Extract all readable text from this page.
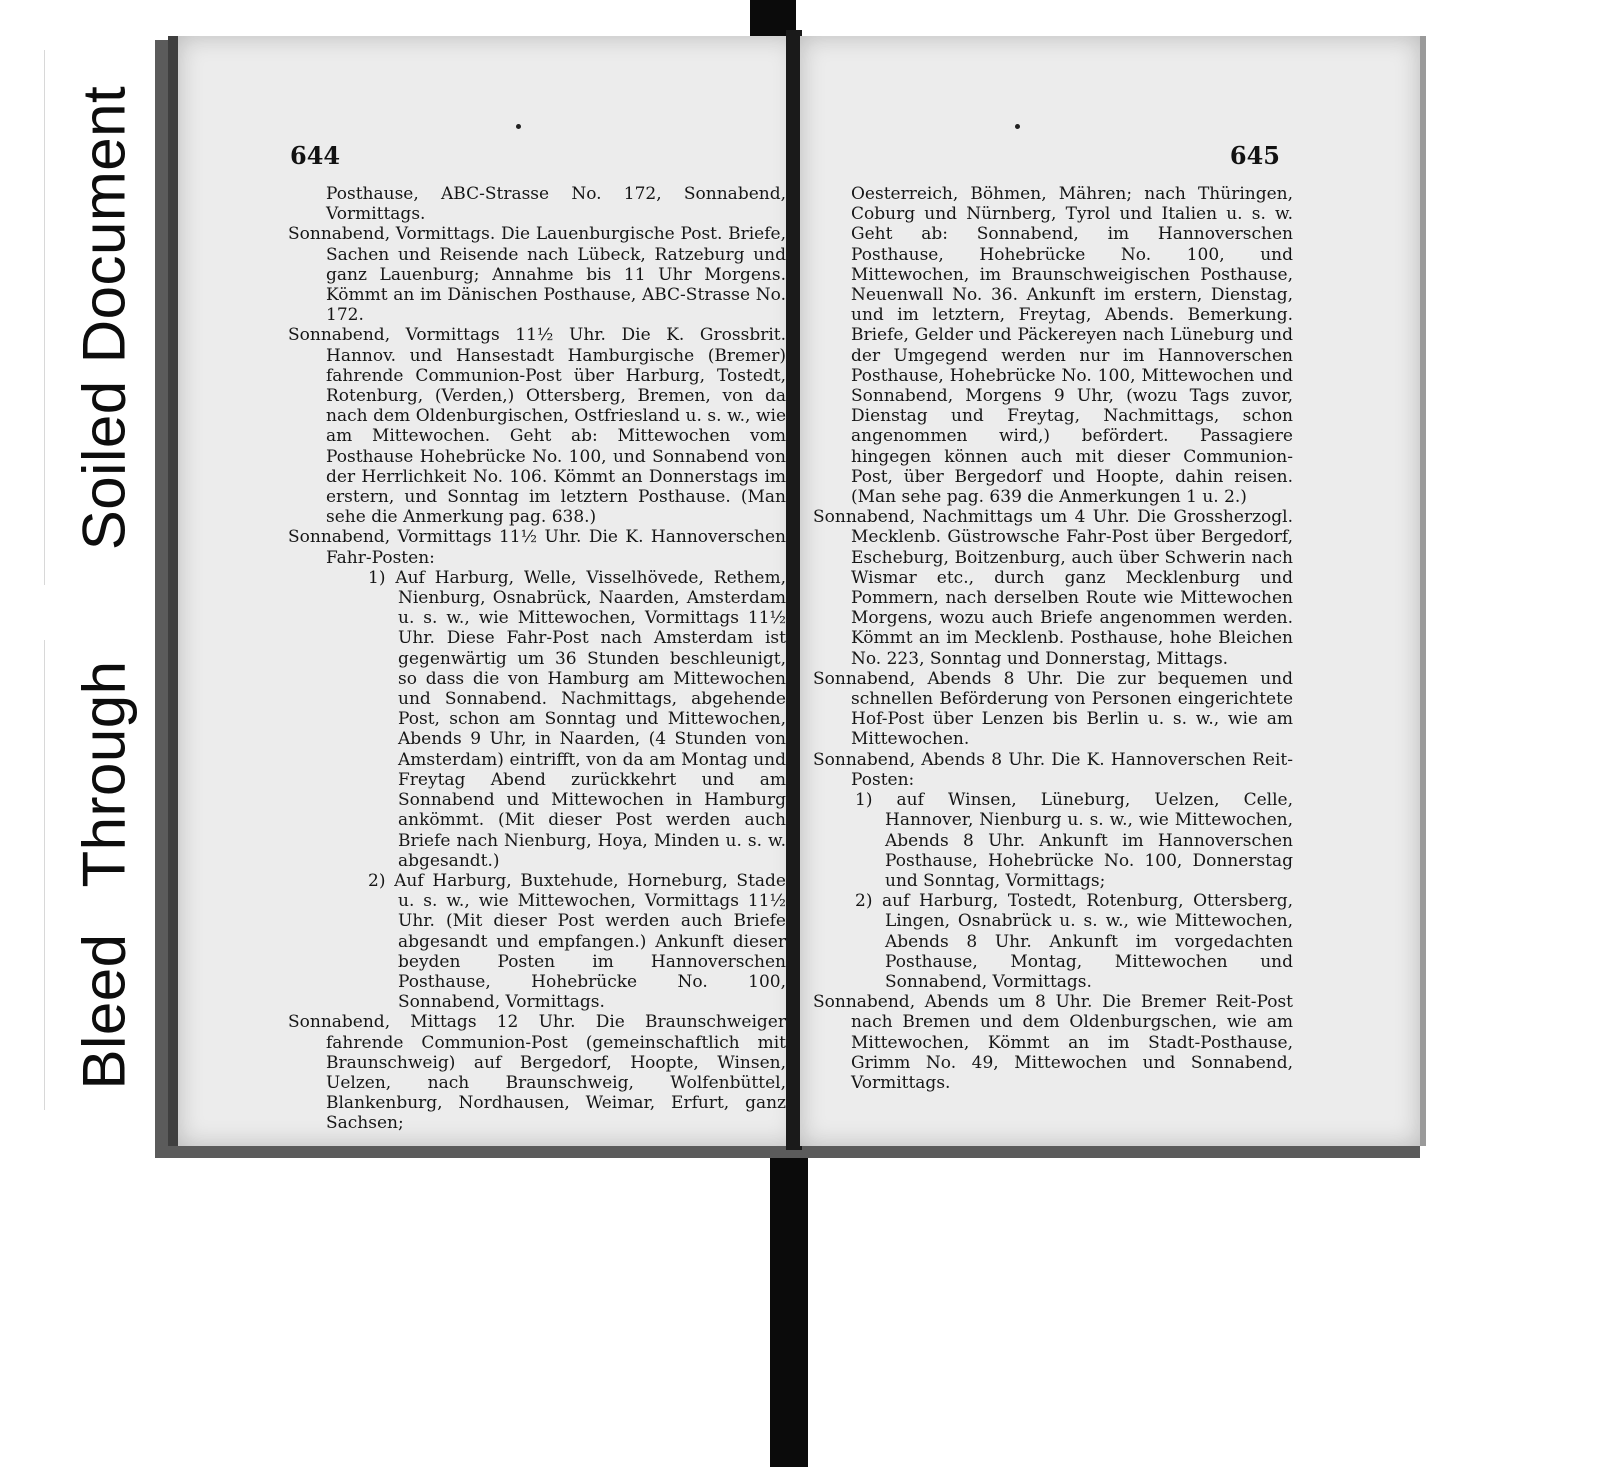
Soiled Document
Bleed Through
644
Posthause, ABC-Strasse No. 172, Sonnabend, Vormittags.
Sonnabend, Vormittags. Die Lauenburgische Post. Briefe, Sachen und Reisende nach Lübeck, Ratzeburg und ganz Lauenburg; Annahme bis 11 Uhr Morgens. Kömmt an im Dänischen Posthause, ABC-Strasse No. 172.
Sonnabend, Vormittags 11½ Uhr. Die K. Grossbrit. Hannov. und Hansestadt Hamburgische (Bremer) fahrende Communion-Post über Harburg, Tostedt, Rotenburg, (Verden,) Ottersberg, Bremen, von da nach dem Oldenburgischen, Ostfriesland u. s. w., wie am Mittewochen. Geht ab: Mittewochen vom Posthause Hohebrücke No. 100, und Sonnabend von der Herrlichkeit No. 106. Kömmt an Donnerstags im erstern, und Sonntag im letztern Posthause. (Man sehe die Anmerkung pag. 638.)
Sonnabend, Vormittags 11½ Uhr. Die K. Hannoverschen Fahr-Posten:
1) Auf Harburg, Welle, Visselhövede, Rethem, Nienburg, Osnabrück, Naarden, Amsterdam u. s. w., wie Mittewochen, Vormittags 11½ Uhr. Diese Fahr-Post nach Amsterdam ist gegenwärtig um 36 Stunden beschleunigt, so dass die von Hamburg am Mittewochen und Sonnabend. Nachmittags, abgehende Post, schon am Sonntag und Mittewochen, Abends 9 Uhr, in Naarden, (4 Stunden von Amsterdam) eintrifft, von da am Montag und Freytag Abend zurückkehrt und am Sonnabend und Mittewochen in Hamburg ankömmt. (Mit dieser Post werden auch Briefe nach Nienburg, Hoya, Minden u. s. w. abgesandt.)
2) Auf Harburg, Buxtehude, Horneburg, Stade u. s. w., wie Mittewochen, Vormittags 11½ Uhr. (Mit dieser Post werden auch Briefe abgesandt und empfangen.) Ankunft dieser beyden Posten im Hannoverschen Posthause, Hohebrücke No. 100, Sonnabend, Vormittags.
Sonnabend, Mittags 12 Uhr. Die Braunschweiger fahrende Communion-Post (gemeinschaftlich mit Braunschweig) auf Bergedorf, Hoopte, Winsen, Uelzen, nach Braunschweig, Wolfenbüttel, Blankenburg, Nordhausen, Weimar, Erfurt, ganz Sachsen;
645
Oesterreich, Böhmen, Mähren; nach Thüringen, Coburg und Nürnberg, Tyrol und Italien u. s. w. Geht ab: Sonnabend, im Hannoverschen Posthause, Hohebrücke No. 100, und Mittewochen, im Braunschweigischen Posthause, Neuenwall No. 36. Ankunft im erstern, Dienstag, und im letztern, Freytag, Abends. Bemerkung. Briefe, Gelder und Päckereyen nach Lüneburg und der Umgegend werden nur im Hannoverschen Posthause, Hohebrücke No. 100, Mittewochen und Sonnabend, Morgens 9 Uhr, (wozu Tags zuvor, Dienstag und Freytag, Nachmittags, schon angenommen wird,) befördert. Passagiere hingegen können auch mit dieser Communion-Post, über Bergedorf und Hoopte, dahin reisen. (Man sehe pag. 639 die Anmerkungen 1 u. 2.)
Sonnabend, Nachmittags um 4 Uhr. Die Grossherzogl. Mecklenb. Güstrowsche Fahr-Post über Bergedorf, Escheburg, Boitzenburg, auch über Schwerin nach Wismar etc., durch ganz Mecklenburg und Pommern, nach derselben Route wie Mittewochen Morgens, wozu auch Briefe angenommen werden. Kömmt an im Mecklenb. Posthause, hohe Bleichen No. 223, Sonntag und Donnerstag, Mittags.
Sonnabend, Abends 8 Uhr. Die zur bequemen und schnellen Beförderung von Personen eingerichtete Hof-Post über Lenzen bis Berlin u. s. w., wie am Mittewochen.
Sonnabend, Abends 8 Uhr. Die K. Hannoverschen Reit-Posten:
1) auf Winsen, Lüneburg, Uelzen, Celle, Hannover, Nienburg u. s. w., wie Mittewochen, Abends 8 Uhr. Ankunft im Hannoverschen Posthause, Hohebrücke No. 100, Donnerstag und Sonntag, Vormittags;
2) auf Harburg, Tostedt, Rotenburg, Ottersberg, Lingen, Osnabrück u. s. w., wie Mittewochen, Abends 8 Uhr. Ankunft im vorgedachten Posthause, Montag, Mittewochen und Sonnabend, Vormittags.
Sonnabend, Abends um 8 Uhr. Die Bremer Reit-Post nach Bremen und dem Oldenburgschen, wie am Mittewochen, Kömmt an im Stadt-Posthause, Grimm No. 49, Mittewochen und Sonnabend, Vormittags.
